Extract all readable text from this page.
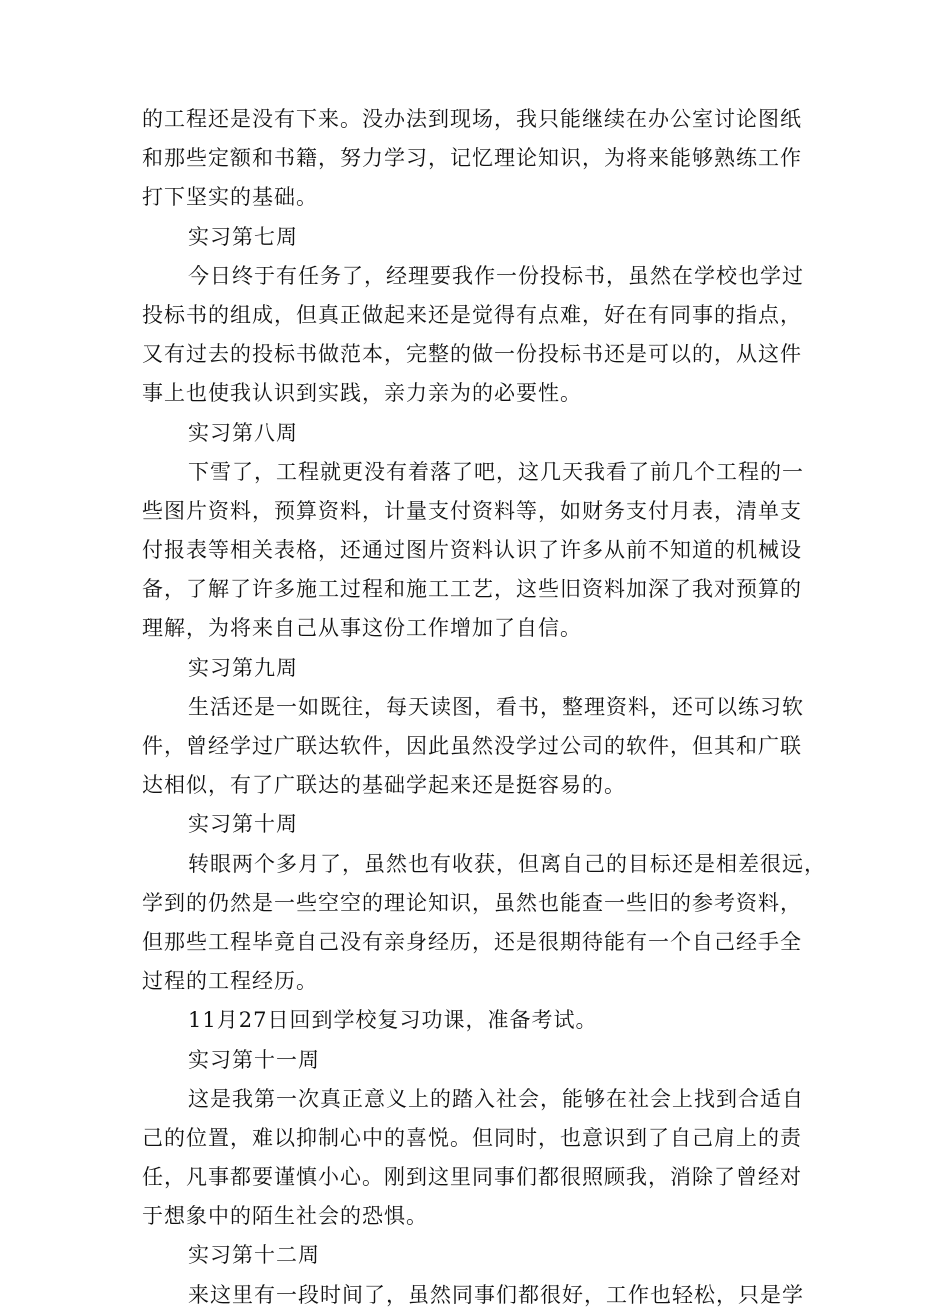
的工程还是没有下来。没办法到现场，我只能继续在办公室讨论图纸
和那些定额和书籍，努力学习，记忆理论知识，为将来能够熟练工作
打下坚实的基础。
实习第七周
今日终于有任务了，经理要我作一份投标书，虽然在学校也学过
投标书的组成，但真正做起来还是觉得有点难，好在有同事的指点，
又有过去的投标书做范本，完整的做一份投标书还是可以的，从这件
事上也使我认识到实践，亲力亲为的必要性。
实习第八周
下雪了，工程就更没有着落了吧，这几天我看了前几个工程的一
些图片资料，预算资料，计量支付资料等，如财务支付月表，清单支
付报表等相关表格，还通过图片资料认识了许多从前不知道的机械设
备，了解了许多施工过程和施工工艺，这些旧资料加深了我对预算的
理解，为将来自己从事这份工作增加了自信。
实习第九周
生活还是一如既往，每天读图，看书，整理资料，还可以练习软
件，曾经学过广联达软件，因此虽然没学过公司的软件，但其和广联
达相似，有了广联达的基础学起来还是挺容易的。
实习第十周
转眼两个多月了，虽然也有收获，但离自己的目标还是相差很远，
学到的仍然是一些空空的理论知识，虽然也能查一些旧的参考资料，
但那些工程毕竟自己没有亲身经历，还是很期待能有一个自己经手全
过程的工程经历。
11月27日回到学校复习功课，准备考试。
实习第十一周
这是我第一次真正意义上的踏入社会，能够在社会上找到合适自
己的位置，难以抑制心中的喜悦。但同时，也意识到了自己肩上的责
任，凡事都要谨慎小心。刚到这里同事们都很照顾我，消除了曾经对
于想象中的陌生社会的恐惧。
实习第十二周
来这里有一段时间了，虽然同事们都很好，工作也轻松，只是学
